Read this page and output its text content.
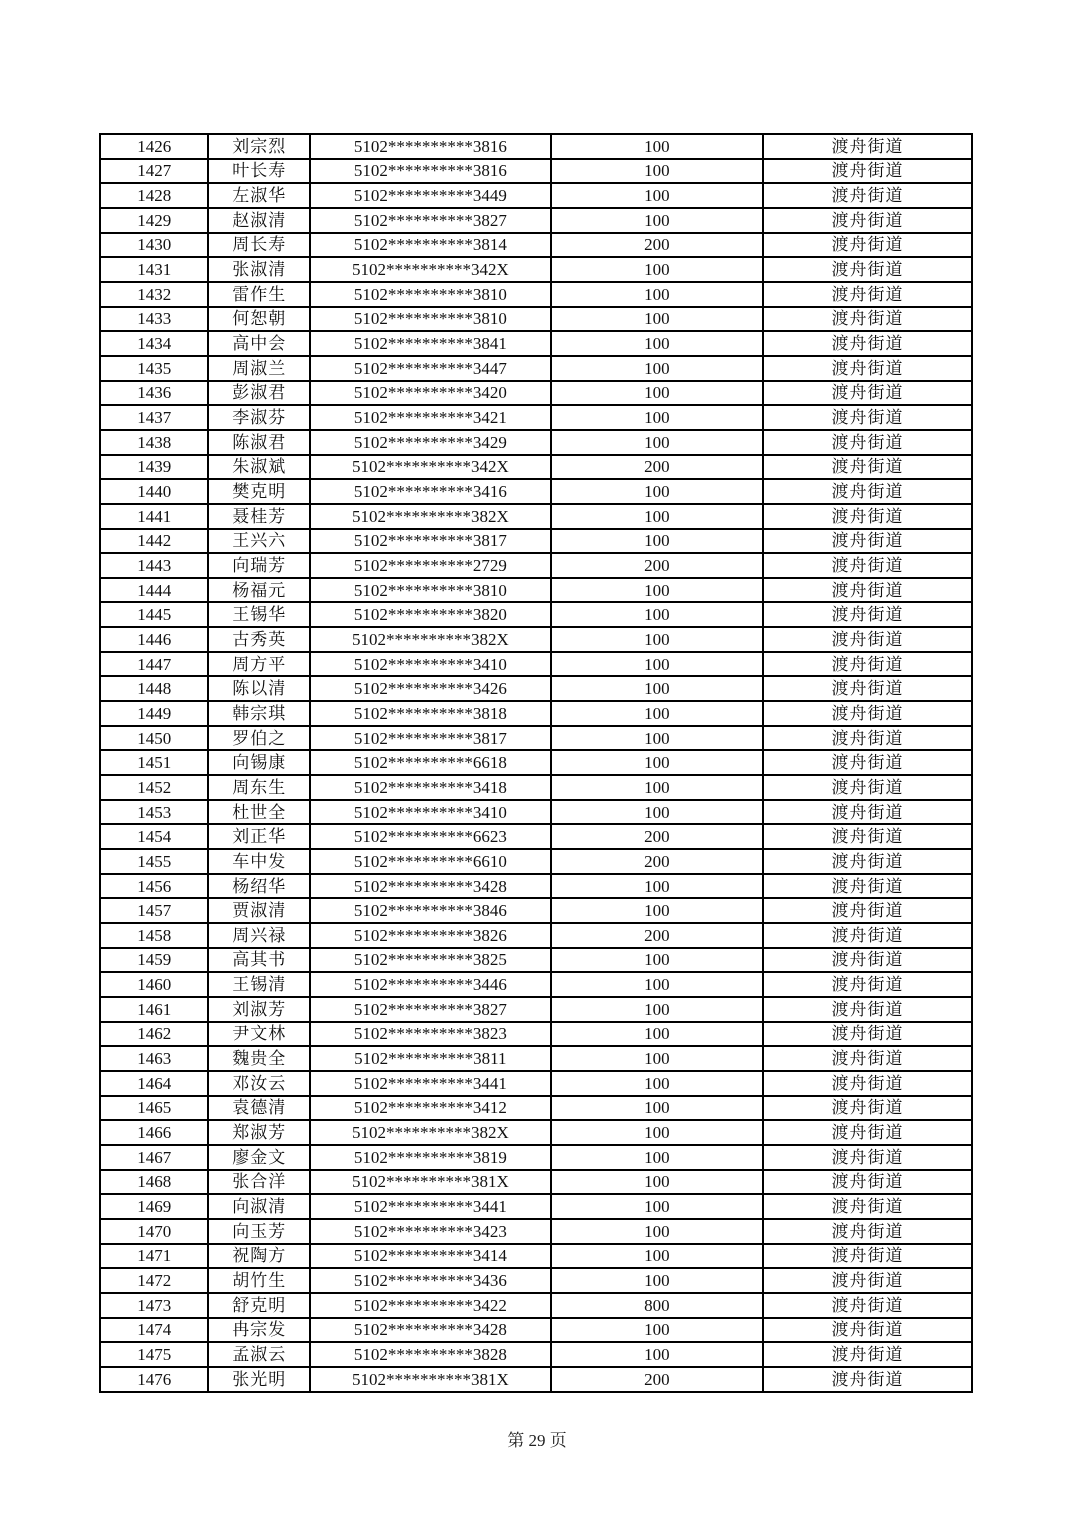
1426	刘宗烈	5102**********3816	100	渡舟街道
1427	叶长寿	5102**********3816	100	渡舟街道
1428	左淑华	5102**********3449	100	渡舟街道
1429	赵淑清	5102**********3827	100	渡舟街道
1430	周长寿	5102**********3814	200	渡舟街道
1431	张淑清	5102**********342X	100	渡舟街道
1432	雷作生	5102**********3810	100	渡舟街道
1433	何恕朝	5102**********3810	100	渡舟街道
1434	高中会	5102**********3841	100	渡舟街道
1435	周淑兰	5102**********3447	100	渡舟街道
1436	彭淑君	5102**********3420	100	渡舟街道
1437	李淑芬	5102**********3421	100	渡舟街道
1438	陈淑君	5102**********3429	100	渡舟街道
1439	朱淑斌	5102**********342X	200	渡舟街道
1440	樊克明	5102**********3416	100	渡舟街道
1441	聂桂芳	5102**********382X	100	渡舟街道
1442	王兴六	5102**********3817	100	渡舟街道
1443	向瑞芳	5102**********2729	200	渡舟街道
1444	杨福元	5102**********3810	100	渡舟街道
1445	王锡华	5102**********3820	100	渡舟街道
1446	古秀英	5102**********382X	100	渡舟街道
1447	周方平	5102**********3410	100	渡舟街道
1448	陈以清	5102**********3426	100	渡舟街道
1449	韩宗琪	5102**********3818	100	渡舟街道
1450	罗伯之	5102**********3817	100	渡舟街道
1451	向锡康	5102**********6618	100	渡舟街道
1452	周东生	5102**********3418	100	渡舟街道
1453	杜世全	5102**********3410	100	渡舟街道
1454	刘正华	5102**********6623	200	渡舟街道
1455	车中发	5102**********6610	200	渡舟街道
1456	杨绍华	5102**********3428	100	渡舟街道
1457	贾淑清	5102**********3846	100	渡舟街道
1458	周兴禄	5102**********3826	200	渡舟街道
1459	高其书	5102**********3825	100	渡舟街道
1460	王锡清	5102**********3446	100	渡舟街道
1461	刘淑芳	5102**********3827	100	渡舟街道
1462	尹文林	5102**********3823	100	渡舟街道
1463	魏贵全	5102**********3811	100	渡舟街道
1464	邓汝云	5102**********3441	100	渡舟街道
1465	袁德清	5102**********3412	100	渡舟街道
1466	郑淑芳	5102**********382X	100	渡舟街道
1467	廖金文	5102**********3819	100	渡舟街道
1468	张合洋	5102**********381X	100	渡舟街道
1469	向淑清	5102**********3441	100	渡舟街道
1470	向玉芳	5102**********3423	100	渡舟街道
1471	祝陶方	5102**********3414	100	渡舟街道
1472	胡竹生	5102**********3436	100	渡舟街道
1473	舒克明	5102**********3422	800	渡舟街道
1474	冉宗发	5102**********3428	100	渡舟街道
1475	孟淑云	5102**********3828	100	渡舟街道
1476	张光明	5102**********381X	200	渡舟街道
第 29 页
